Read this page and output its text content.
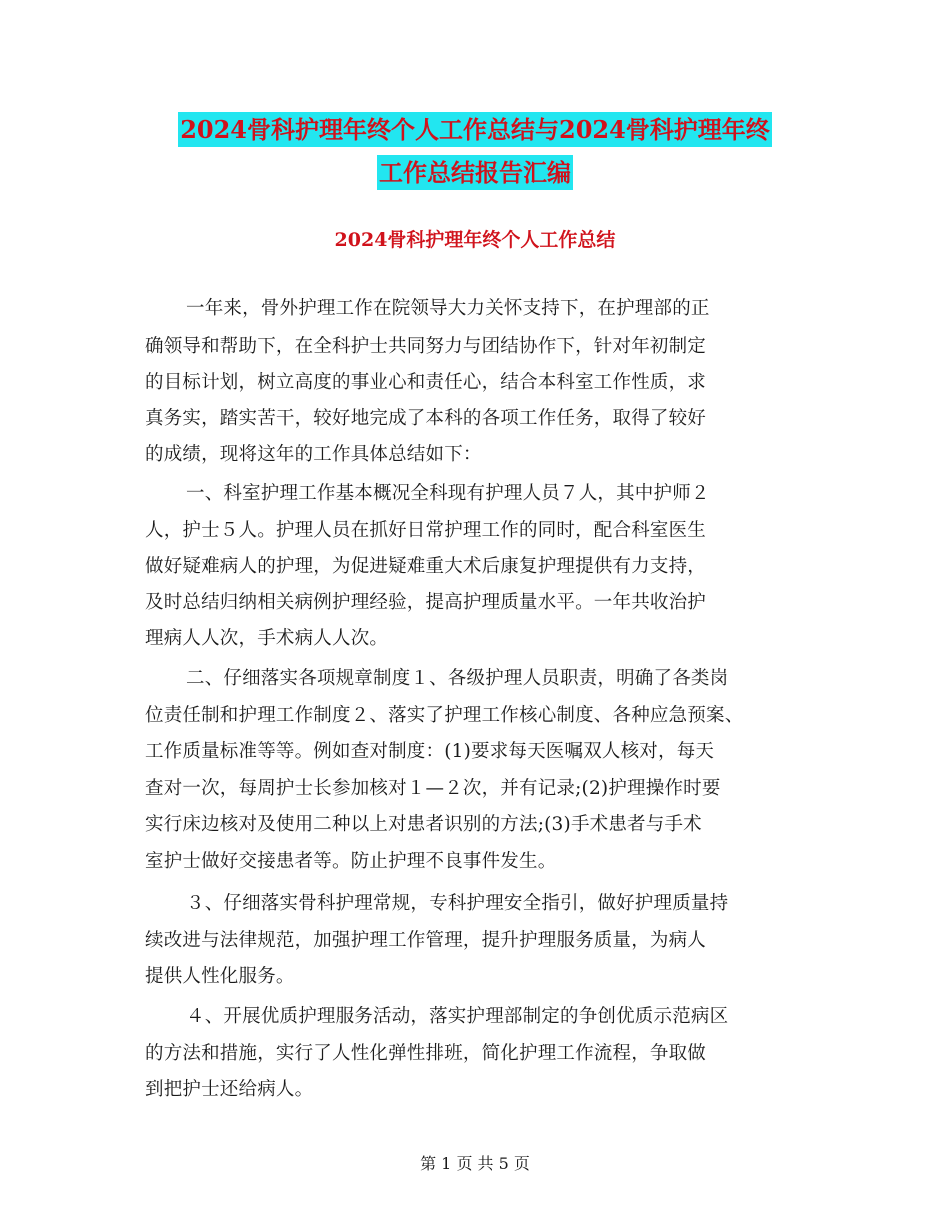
2024骨科护理年终个人工作总结与2024骨科护理年终
工作总结报告汇编
2024骨科护理年终个人工作总结
一年来，骨外护理工作在院领导大力关怀支持下，在护理部的正
确领导和帮助下，在全科护士共同努力与团结协作下，针对年初制定
的目标计划，树立高度的事业心和责任心，结合本科室工作性质，求
真务实，踏实苦干，较好地完成了本科的各项工作任务，取得了较好
的成绩，现将这年的工作具体总结如下：
一、科室护理工作基本概况全科现有护理人员７人，其中护师２
人，护士５人。护理人员在抓好日常护理工作的同时，配合科室医生
做好疑难病人的护理，为促进疑难重大术后康复护理提供有力支持，
及时总结归纳相关病例护理经验，提高护理质量水平。一年共收治护
理病人人次，手术病人人次。
二、仔细落实各项规章制度１、各级护理人员职责，明确了各类岗
位责任制和护理工作制度２、落实了护理工作核心制度、各种应急预案、
工作质量标准等等。例如查对制度：(1)要求每天医嘱双人核对，每天
查对一次，每周护士长参加核对１—２次，并有记录;(2)护理操作时要
实行床边核对及使用二种以上对患者识别的方法;(3)手术患者与手术
室护士做好交接患者等。防止护理不良事件发生。
３、仔细落实骨科护理常规，专科护理安全指引，做好护理质量持
续改进与法律规范，加强护理工作管理，提升护理服务质量，为病人
提供人性化服务。
４、开展优质护理服务活动，落实护理部制定的争创优质示范病区
的方法和措施，实行了人性化弹性排班，简化护理工作流程，争取做
到把护士还给病人。
第 1 页 共 5 页
